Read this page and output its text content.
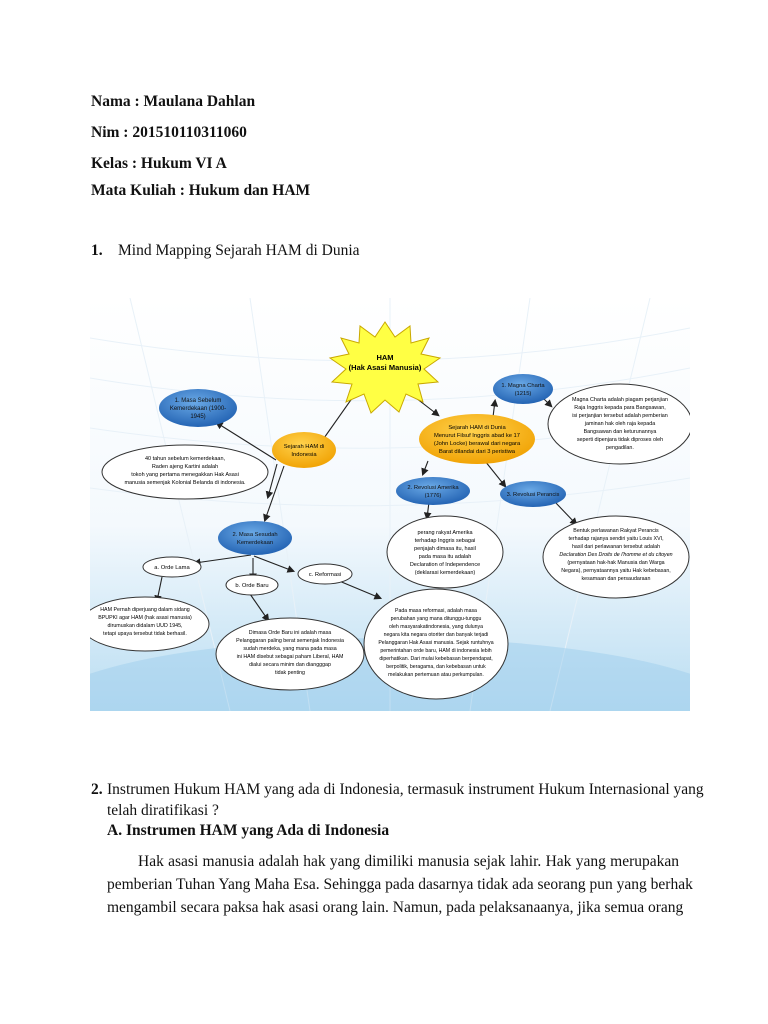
Nama : Maulana Dahlan
Nim : 201510110311060
Kelas : Hukum VI A
Mata Kuliah : Hukum dan HAM
1. Mind Mapping Sejarah HAM di Dunia
HAM
(Hak Asasi Manusia)
1. Masa Sebelum
Kemerdekaan (1900-
1945)
Sejarah HAM di
Indonesia
Sejarah HAM di Dunia
Menurut Filsuf Inggris abad ke 17
(John Locke) berawal dari negara
Barat dilandai dari 3 peristiwa
1. Magna Charta
(1215)
Magna Charta adalah piagam perjanjian
Raja Inggris kepada para Bangsawan,
isi perjanjian tersebut adalah pemberian
jaminan hak oleh raja kepada
Bangsawan dan keturunannya
seperti dipenjara tidak diproses oleh
pengadilan.
40 tahun sebelum kemerdekaan,
Raden ajeng Kartini adalah
tokoh yang pertama menegakkan Hak Asasi
manusia semenjak Kolonial Belanda di indonesia.
2. Revolusi Amerika
(1776)	3. Revolusi Perancis
perang rakyat Amerika
terhadap Inggris sebagai
penjajah dimasa itu, hasil
pada masa itu adalah
Declaration of Independence
(deklarasi kemerdekaan)
Bentuk perlawanan Rakyat Perancis
terhadap rajanya sendiri yaitu Louis XVI,
hasil dari perlawanan tersebut adalah
Declaration Des Droits de l'homme et du citoyen
(pernyataan hak-hak Manusia dan Warga
Negara), pernyataannya yaitu Hak kebebasan,
kesamaan dan persaudaraan
2. Masa Sesudah
Kemerdekaan
a. Orde Lama
b. Orde Baru
c. Reformasi
HAM Pernah diperjuang dalam sidang
BPUPKI agar HAM (hak asasi manusia)
dirumuskan didalam UUD 1945,
tetapi upaya tersebut tidak berhasil.	Dimasa Orde Baru ini adalah masa
Pelanggaran paling berat semenjak Indonesia
sudah merdeka, yang mana pada masa
ini HAM disebut sebagai paham Liberal, HAM
dialui secara minim dan diangggap
tidak penting
Pada masa reformasi, adalah masa
perubahan yang mana ditunggu-tunggu
oleh masyarakatindonesia, yang dulunya
negara kita negara otoriter dan banyak terjadi
Pelanggaran Hak Asasi manusia. Sejak runtuhnya
pemerintahan orde baru, HAM di indonesia lebih
diperhatikan. Dari mulai kebebasan berpendapat,
berpolitik, beragama, dan kebebasan untuk
melakukan pertemuan atau perkumpulan.
2. Instrumen Hukum HAM yang ada di Indonesia, termasuk instrument Hukum Internasional yang
telah diratifikasi ?
A. Instrumen HAM yang Ada di Indonesia
Hak asasi manusia adalah hak yang dimiliki manusia sejak lahir. Hak yang merupakan
pemberian Tuhan Yang Maha Esa. Sehingga pada dasarnya tidak ada seorang pun yang berhak
mengambil secara paksa hak asasi orang lain. Namun, pada pelaksanaanya, jika semua orang
